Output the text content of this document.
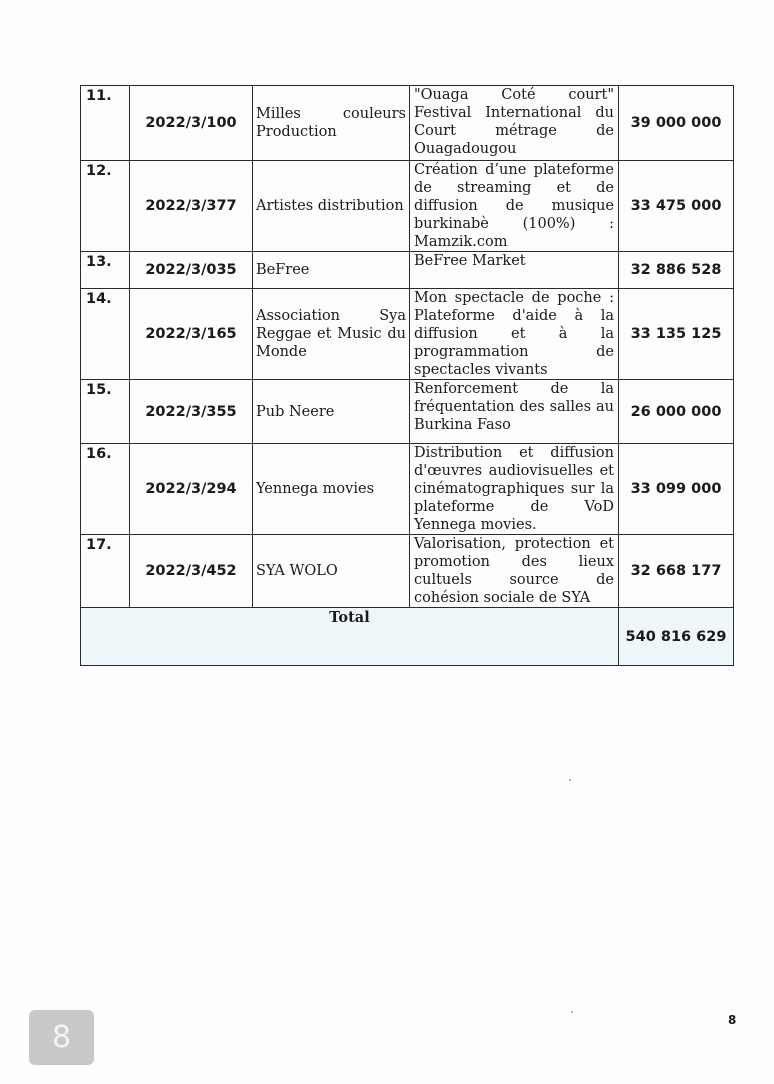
11.	2022/3/100	Milles couleurs Production	"Ouaga Coté court" Festival International du Court métrage de Ouagadougou	39 000 000
12.	2022/3/377	Artistes distribution	Création d’une plateforme de streaming et de diffusion de musique burkinabè (100%) : Mamzik.com	33 475 000
13.	2022/3/035	BeFree	BeFree Market	32 886 528
14.	2022/3/165	Association Sya Reggae et Music du Monde	Mon spectacle de poche : Plateforme d'aide à la diffusion et à la programmation de spectacles vivants	33 135 125
15.	2022/3/355	Pub Neere	Renforcement de la fréquentation des salles au Burkina Faso	26 000 000
16.	2022/3/294	Yennega movies	Distribution et diffusion d'œuvres audiovisuelles et cinématographiques sur la plateforme de VoD Yennega movies.	33 099 000
17.	2022/3/452	SYA WOLO	Valorisation, protection et promotion des lieux cultuels source de cohésion sociale de SYA	32 668 177
Total				540 816 629
8	8
